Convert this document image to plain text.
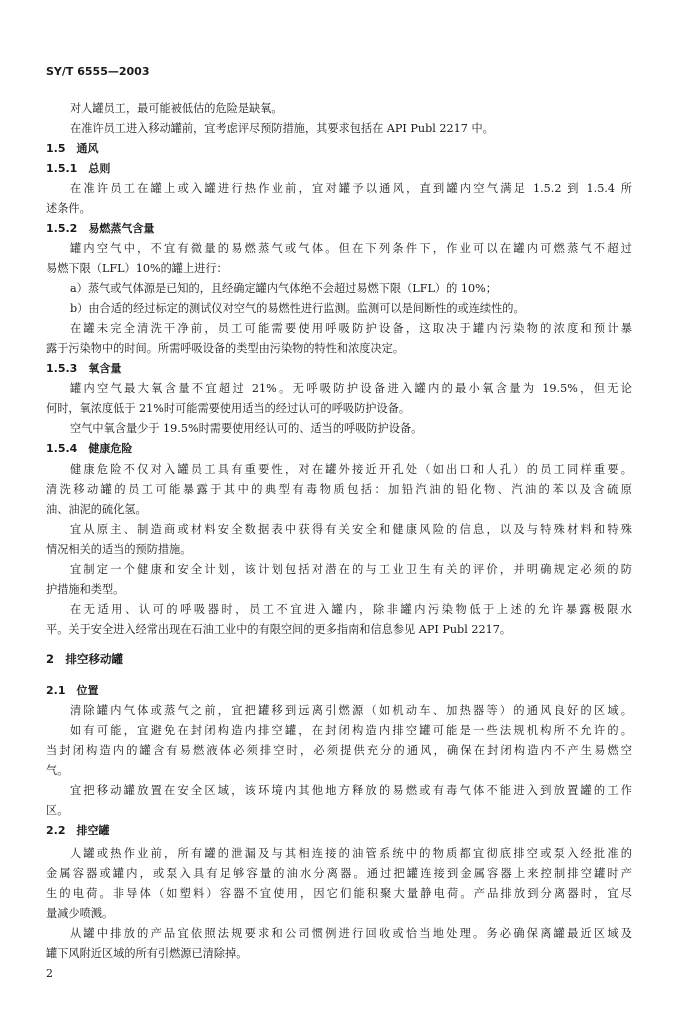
SY/T 6555—2003
对人罐员工，最可能被低估的危险是缺氧。
在准许员工进入移动罐前，宜考虑评尽预防措施，其要求包括在 API Publ 2217 中。
1.5　通风
1.5.1　总则
在准许员工在罐上或入罐进行热作业前，宜对罐予以通风，直到罐内空气满足 1.5.2 到 1.5.4 所
述条件。
1.5.2　易燃蒸气含量
罐内空气中，不宜有微量的易燃蒸气或气体。但在下列条件下，作业可以在罐内可燃蒸气不超过
易燃下限（LFL）10%的罐上进行：
a）蒸气或气体源是已知的，且经确定罐内气体绝不会超过易燃下限（LFL）的 10%；
b）由合适的经过标定的测试仪对空气的易燃性进行监测。监测可以是间断性的或连续性的。
在罐未完全清洗干净前，员工可能需要使用呼吸防护设备，这取决于罐内污染物的浓度和预计暴
露于污染物中的时间。所需呼吸设备的类型由污染物的特性和浓度决定。
1.5.3　氧含量
罐内空气最大氧含量不宜超过 21%。无呼吸防护设备进入罐内的最小氧含量为 19.5%，但无论
何时，氧浓度低于 21%时可能需要使用适当的经过认可的呼吸防护设备。
空气中氧含量少于 19.5%时需要使用经认可的、适当的呼吸防护设备。
1.5.4　健康危险
健康危险不仅对入罐员工具有重要性，对在罐外接近开孔处（如出口和人孔）的员工同样重要。
清洗移动罐的员工可能暴露于其中的典型有毒物质包括：加铅汽油的铅化物、汽油的苯以及含硫原
油、油泥的硫化氢。
宜从原主、制造商或材料安全数据表中获得有关安全和健康风险的信息，以及与特殊材料和特殊
情况相关的适当的预防措施。
宜制定一个健康和安全计划，该计划包括对潜在的与工业卫生有关的评价，并明确规定必须的防
护措施和类型。
在无适用、认可的呼吸器时，员工不宜进入罐内，除非罐内污染物低于上述的允许暴露极限水
平。关于安全进入经常出现在石油工业中的有限空间的更多指南和信息参见 API Publ 2217。
2　排空移动罐
2.1　位置
清除罐内气体或蒸气之前，宜把罐移到远离引燃源（如机动车、加热器等）的通风良好的区域。
如有可能，宜避免在封闭构造内排空罐，在封闭构造内排空罐可能是一些法规机构所不允许的。
当封闭构造内的罐含有易燃液体必须排空时，必须提供充分的通风，确保在封闭构造内不产生易燃空
气。
宜把移动罐放置在安全区域，该环境内其他地方释放的易燃或有毒气体不能进入到放置罐的工作
区。
2.2　排空罐
人罐或热作业前，所有罐的泄漏及与其相连接的油管系统中的物质都宜彻底排空或泵入经批准的
金属容器或罐内，或泵入具有足够容量的油水分离器。通过把罐连接到金属容器上来控制排空罐时产
生的电荷。非导体（如塑料）容器不宜使用，因它们能积聚大量静电荷。产品排放到分离器时，宜尽
量减少喷溅。
从罐中排放的产品宜依照法规要求和公司惯例进行回收或恰当地处理。务必确保离罐最近区域及
罐下风附近区域的所有引燃源已清除掉。
2
